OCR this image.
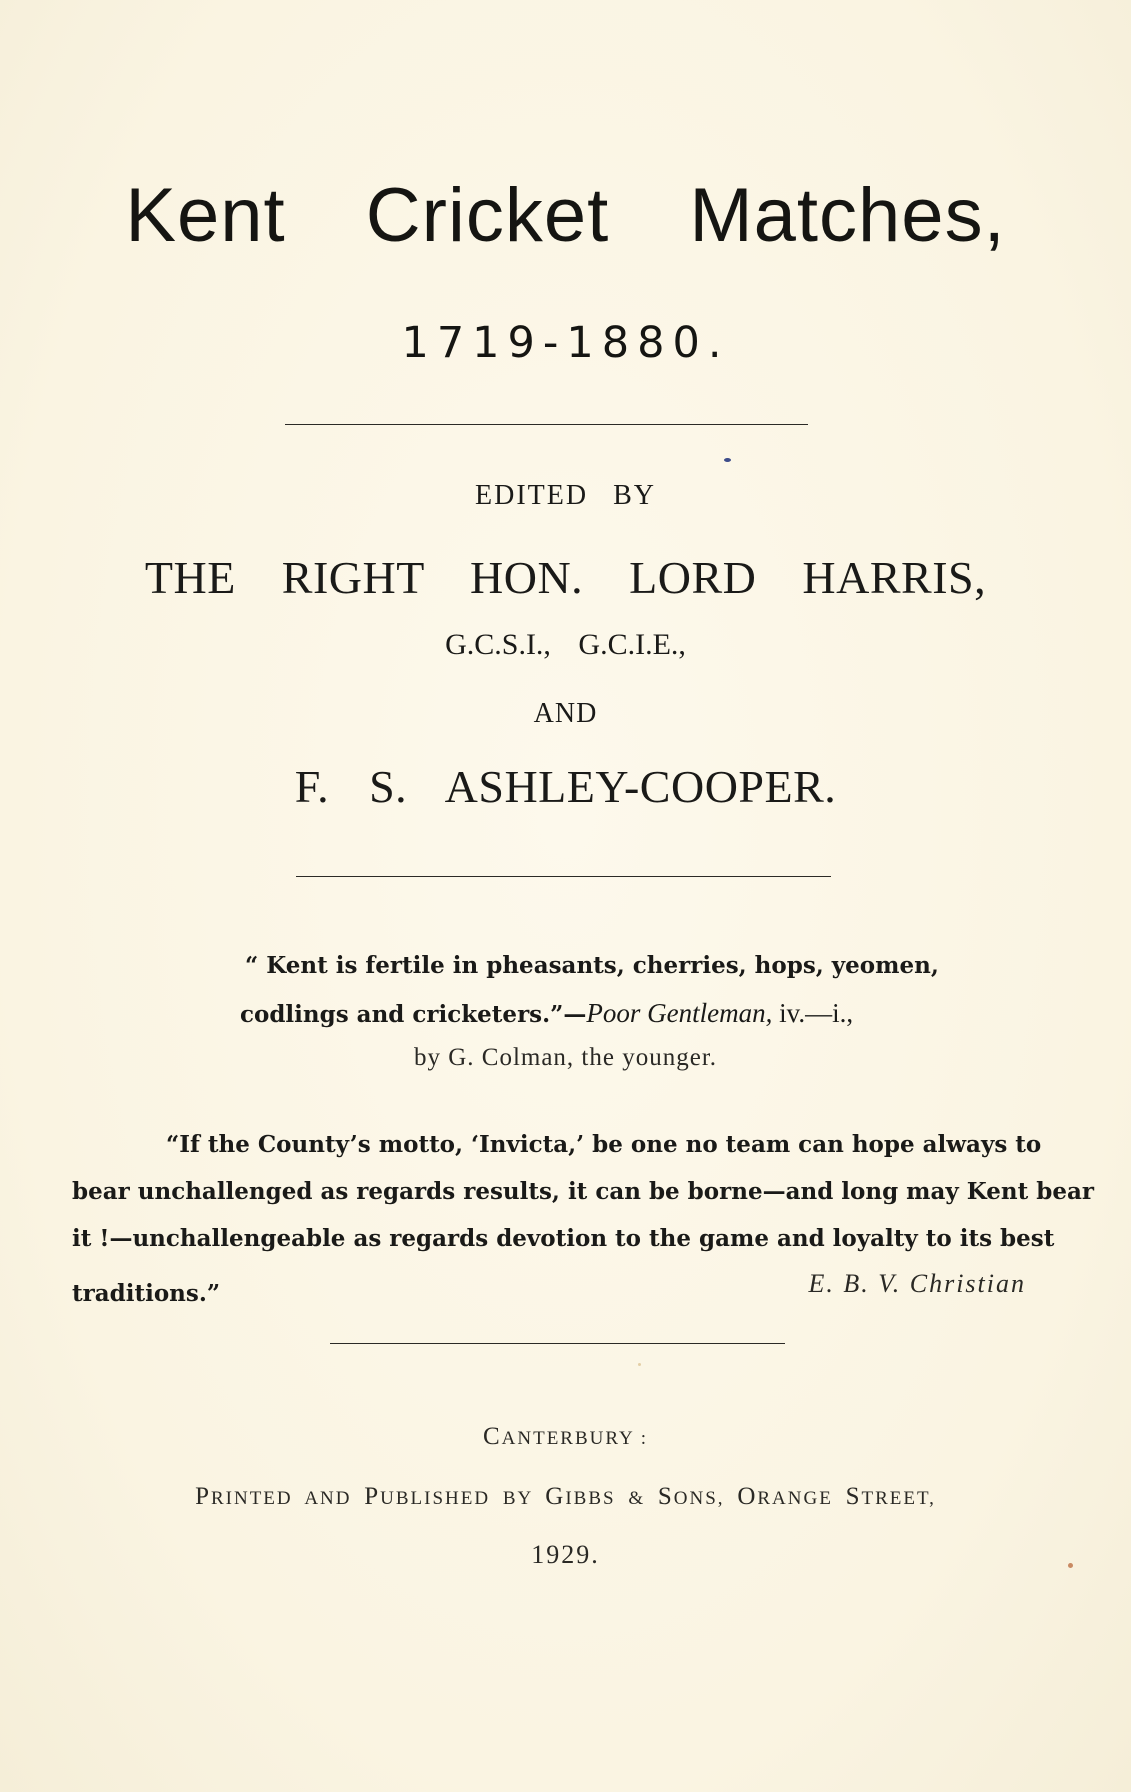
Kent Cricket Matches,
1719-1880.
EDITED BY
THE RIGHT HON. LORD HARRIS,
G.C.S.I., G.C.I.E.,
AND
F. S. ASHLEY-COOPER.
“ Kent is fertile in pheasants, cherries, hops, yeomen,
codlings and cricketers.”—Poor Gentleman, iv.—i.,
by G. Colman, the younger.
“If the County’s motto, ‘Invicta,’ be one no team can hope always to
bear unchallenged as regards results, it can be borne—and long may Kent bear
it !—unchallengeable as regards devotion to the game and loyalty to its best
traditions.”	E. B. V. Christian
CANTERBURY :
PRINTED AND PUBLISHED BY GIBBS & SONS, ORANGE STREET,
1929.
